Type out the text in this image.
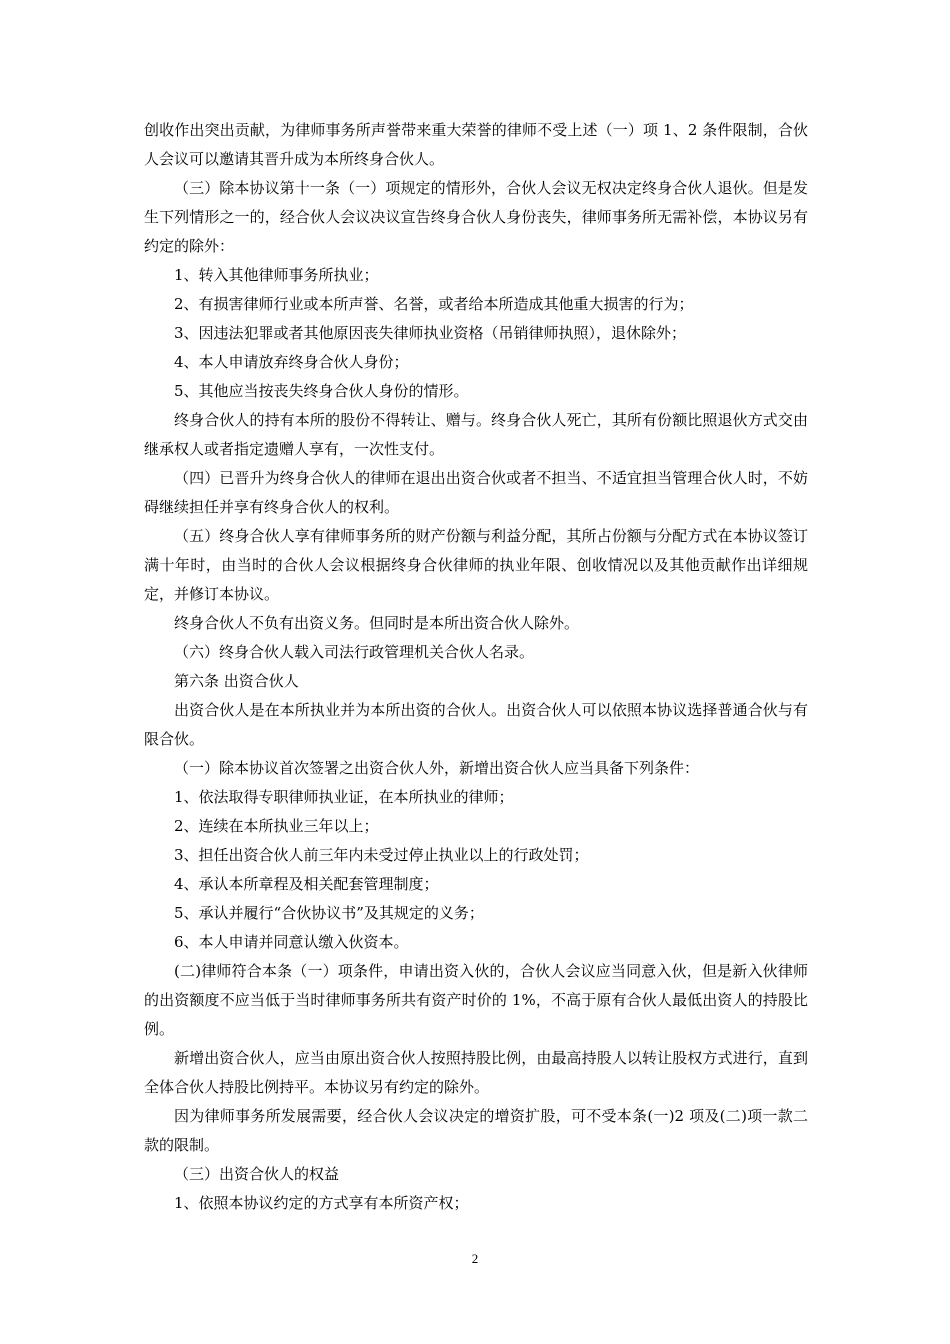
创收作出突出贡献，为律师事务所声誉带来重大荣誉的律师不受上述（一）项 1、2 条件限制，合伙人会议可以邀请其晋升成为本所终身合伙人。

（三）除本协议第十一条（一）项规定的情形外，合伙人会议无权决定终身合伙人退伙。但是发生下列情形之一的，经合伙人会议决议宣告终身合伙人身份丧失，律师事务所无需补偿，本协议另有约定的除外：

1、转入其他律师事务所执业；

2、有损害律师行业或本所声誉、名誉，或者给本所造成其他重大损害的行为；

3、因违法犯罪或者其他原因丧失律师执业资格（吊销律师执照），退休除外；

4、本人申请放弃终身合伙人身份；

5、其他应当按丧失终身合伙人身份的情形。

终身合伙人的持有本所的股份不得转让、赠与。终身合伙人死亡，其所有份额比照退伙方式交由继承权人或者指定遗赠人享有，一次性支付。

（四）已晋升为终身合伙人的律师在退出出资合伙或者不担当、不适宜担当管理合伙人时，不妨碍继续担任并享有终身合伙人的权利。

（五）终身合伙人享有律师事务所的财产份额与利益分配，其所占份额与分配方式在本协议签订满十年时，由当时的合伙人会议根据终身合伙律师的执业年限、创收情况以及其他贡献作出详细规定，并修订本协议。

终身合伙人不负有出资义务。但同时是本所出资合伙人除外。

（六）终身合伙人载入司法行政管理机关合伙人名录。

第六条 出资合伙人

出资合伙人是在本所执业并为本所出资的合伙人。出资合伙人可以依照本协议选择普通合伙与有限合伙。

（一）除本协议首次签署之出资合伙人外，新增出资合伙人应当具备下列条件：

1、依法取得专职律师执业证，在本所执业的律师；

2、连续在本所执业三年以上；

3、担任出资合伙人前三年内未受过停止执业以上的行政处罚；

4、承认本所章程及相关配套管理制度；

5、承认并履行“合伙协议书”及其规定的义务；

6、本人申请并同意认缴入伙资本。

(二)律师符合本条（一）项条件，申请出资入伙的，合伙人会议应当同意入伙，但是新入伙律师的出资额度不应当低于当时律师事务所共有资产时价的 1%，不高于原有合伙人最低出资人的持股比例。

新增出资合伙人，应当由原出资合伙人按照持股比例，由最高持股人以转让股权方式进行，直到全体合伙人持股比例持平。本协议另有约定的除外。

因为律师事务所发展需要，经合伙人会议决定的增资扩股，可不受本条(一)2 项及(二)项一款二款的限制。

（三）出资合伙人的权益

1、依照本协议约定的方式享有本所资产权；

2
